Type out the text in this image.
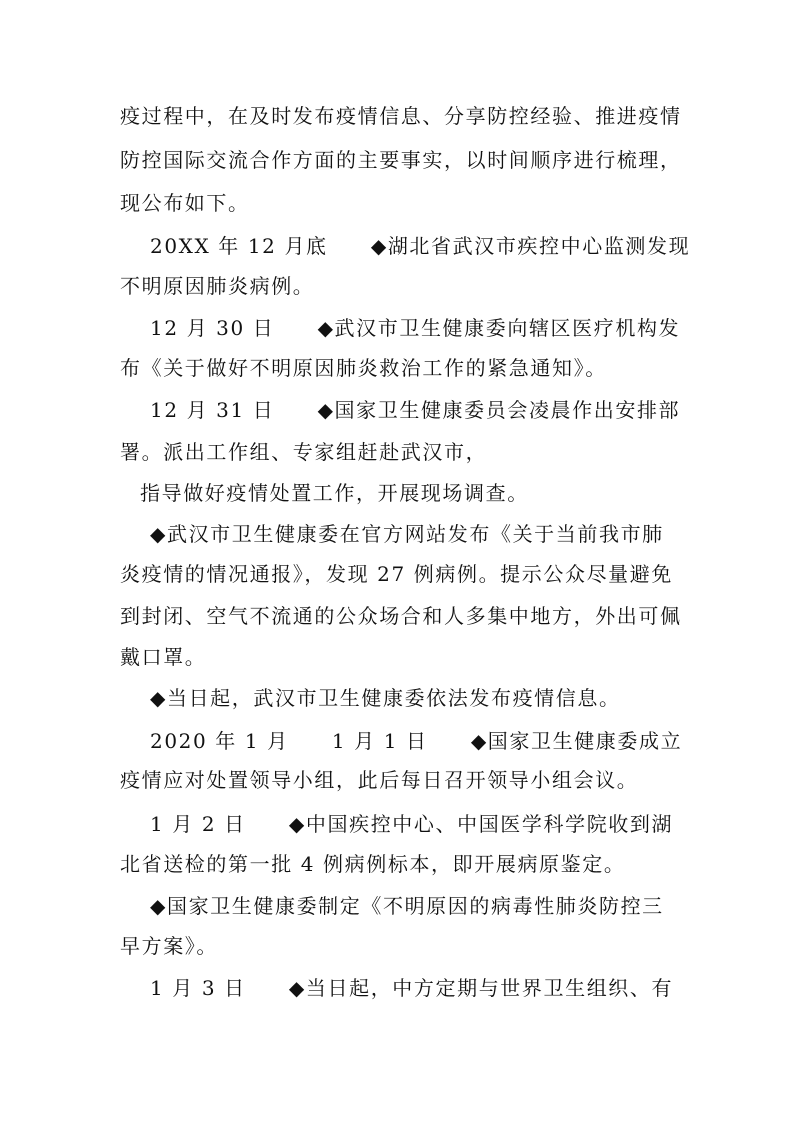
疫过程中，在及时发布疫情信息、分享防控经验、推进疫情
防控国际交流合作方面的主要事实，以时间顺序进行梳理，
现公布如下。
20XX 年 12 月底　　◆湖北省武汉市疾控中心监测发现
不明原因肺炎病例。
12 月 30 日　　◆武汉市卫生健康委向辖区医疗机构发
布《关于做好不明原因肺炎救治工作的紧急通知》。
12 月 31 日　　◆国家卫生健康委员会凌晨作出安排部
署。派出工作组、专家组赶赴武汉市，
指导做好疫情处置工作，开展现场调查。
◆武汉市卫生健康委在官方网站发布《关于当前我市肺
炎疫情的情况通报》，发现 27 例病例。提示公众尽量避免
到封闭、空气不流通的公众场合和人多集中地方，外出可佩
戴口罩。
◆当日起，武汉市卫生健康委依法发布疫情信息。
2020 年 1 月　　1 月 1 日　　◆国家卫生健康委成立
疫情应对处置领导小组，此后每日召开领导小组会议。
1 月 2 日　　◆中国疾控中心、中国医学科学院收到湖
北省送检的第一批 4 例病例标本，即开展病原鉴定。
◆国家卫生健康委制定《不明原因的病毒性肺炎防控三
早方案》。
1 月 3 日　　◆当日起，中方定期与世界卫生组织、有
